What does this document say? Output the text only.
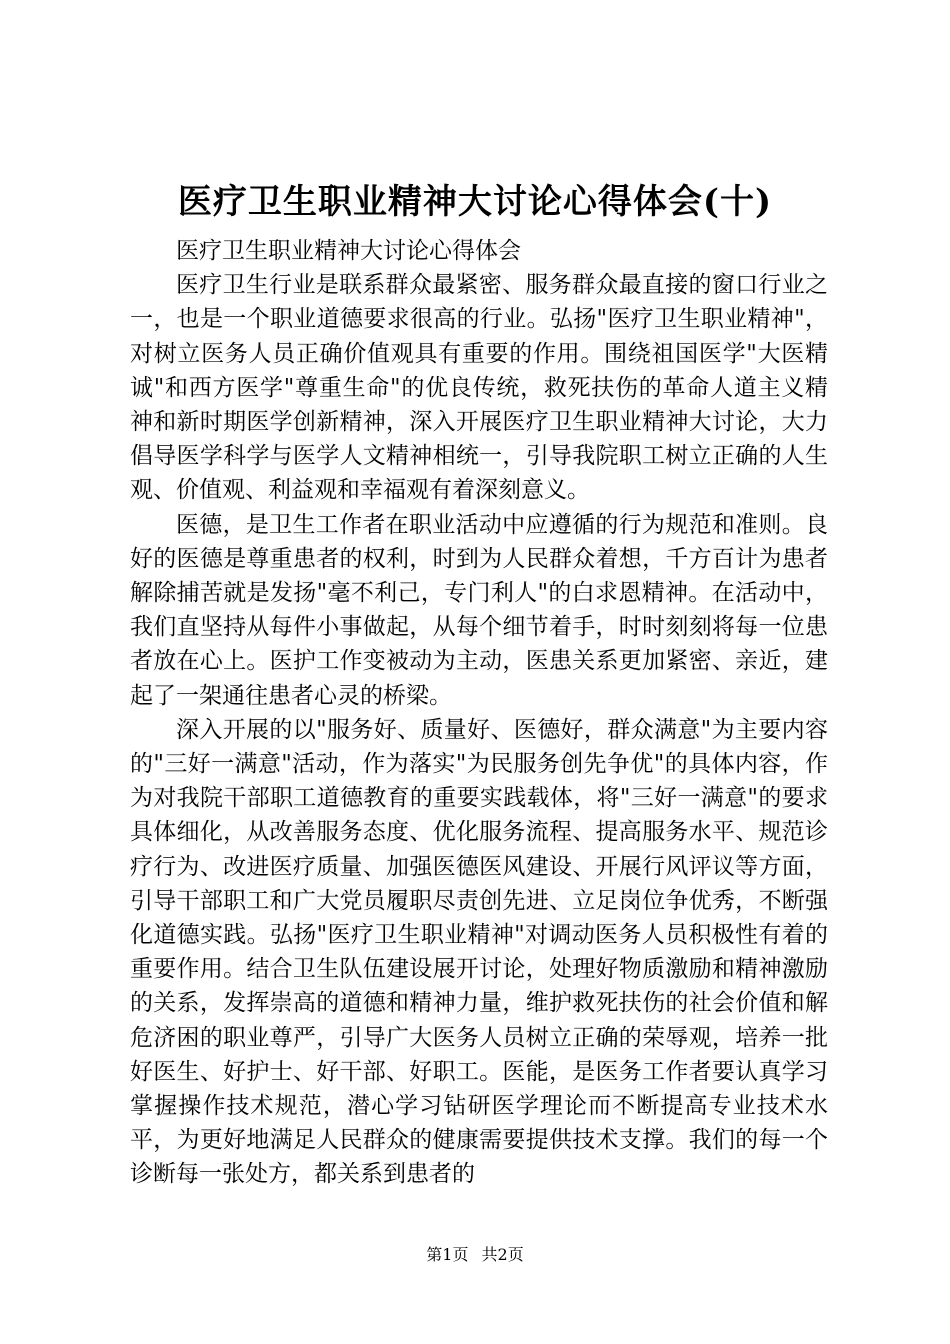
医疗卫生职业精神大讨论心得体会(十)

医疗卫生职业精神大讨论心得体会

医疗卫生行业是联系群众最紧密、服务群众最直接的窗口行业之一，也是一个职业道德要求很高的行业。弘扬"医疗卫生职业精神"，对树立医务人员正确价值观具有重要的作用。围绕祖国医学"大医精诚"和西方医学"尊重生命"的优良传统，救死扶伤的革命人道主义精神和新时期医学创新精神，深入开展医疗卫生职业精神大讨论，大力倡导医学科学与医学人文精神相统一，引导我院职工树立正确的人生观、价值观、利益观和幸福观有着深刻意义。

医德，是卫生工作者在职业活动中应遵循的行为规范和准则。良好的医德是尊重患者的权利，时到为人民群众着想，千方百计为患者解除捕苦就是发扬"毫不利己，专门利人"的白求恩精神。在活动中，我们直坚持从每件小事做起，从每个细节着手，时时刻刻将每一位患者放在心上。医护工作变被动为主动，医患关系更加紧密、亲近，建起了一架通往患者心灵的桥梁。

深入开展的以"服务好、质量好、医德好，群众满意"为主要内容的"三好一满意"活动，作为落实"为民服务创先争优"的具体内容，作为对我院干部职工道德教育的重要实践载体，将"三好一满意"的要求具体细化，从改善服务态度、优化服务流程、提高服务水平、规范诊疗行为、改进医疗质量、加强医德医风建设、开展行风评议等方面，引导干部职工和广大党员履职尽责创先进、立足岗位争优秀，不断强化道德实践。弘扬"医疗卫生职业精神"对调动医务人员积极性有着的重要作用。结合卫生队伍建设展开讨论，处理好物质激励和精神激励的关系，发挥崇高的道德和精神力量，维护救死扶伤的社会价值和解危济困的职业尊严，引导广大医务人员树立正确的荣辱观，培养一批好医生、好护士、好干部、好职工。医能，是医务工作者要认真学习掌握操作技术规范，潜心学习钻研医学理论而不断提高专业技术水平，为更好地满足人民群众的健康需要提供技术支撑。我们的每一个诊断每一张处方，都关系到患者的

第1页 共2页
